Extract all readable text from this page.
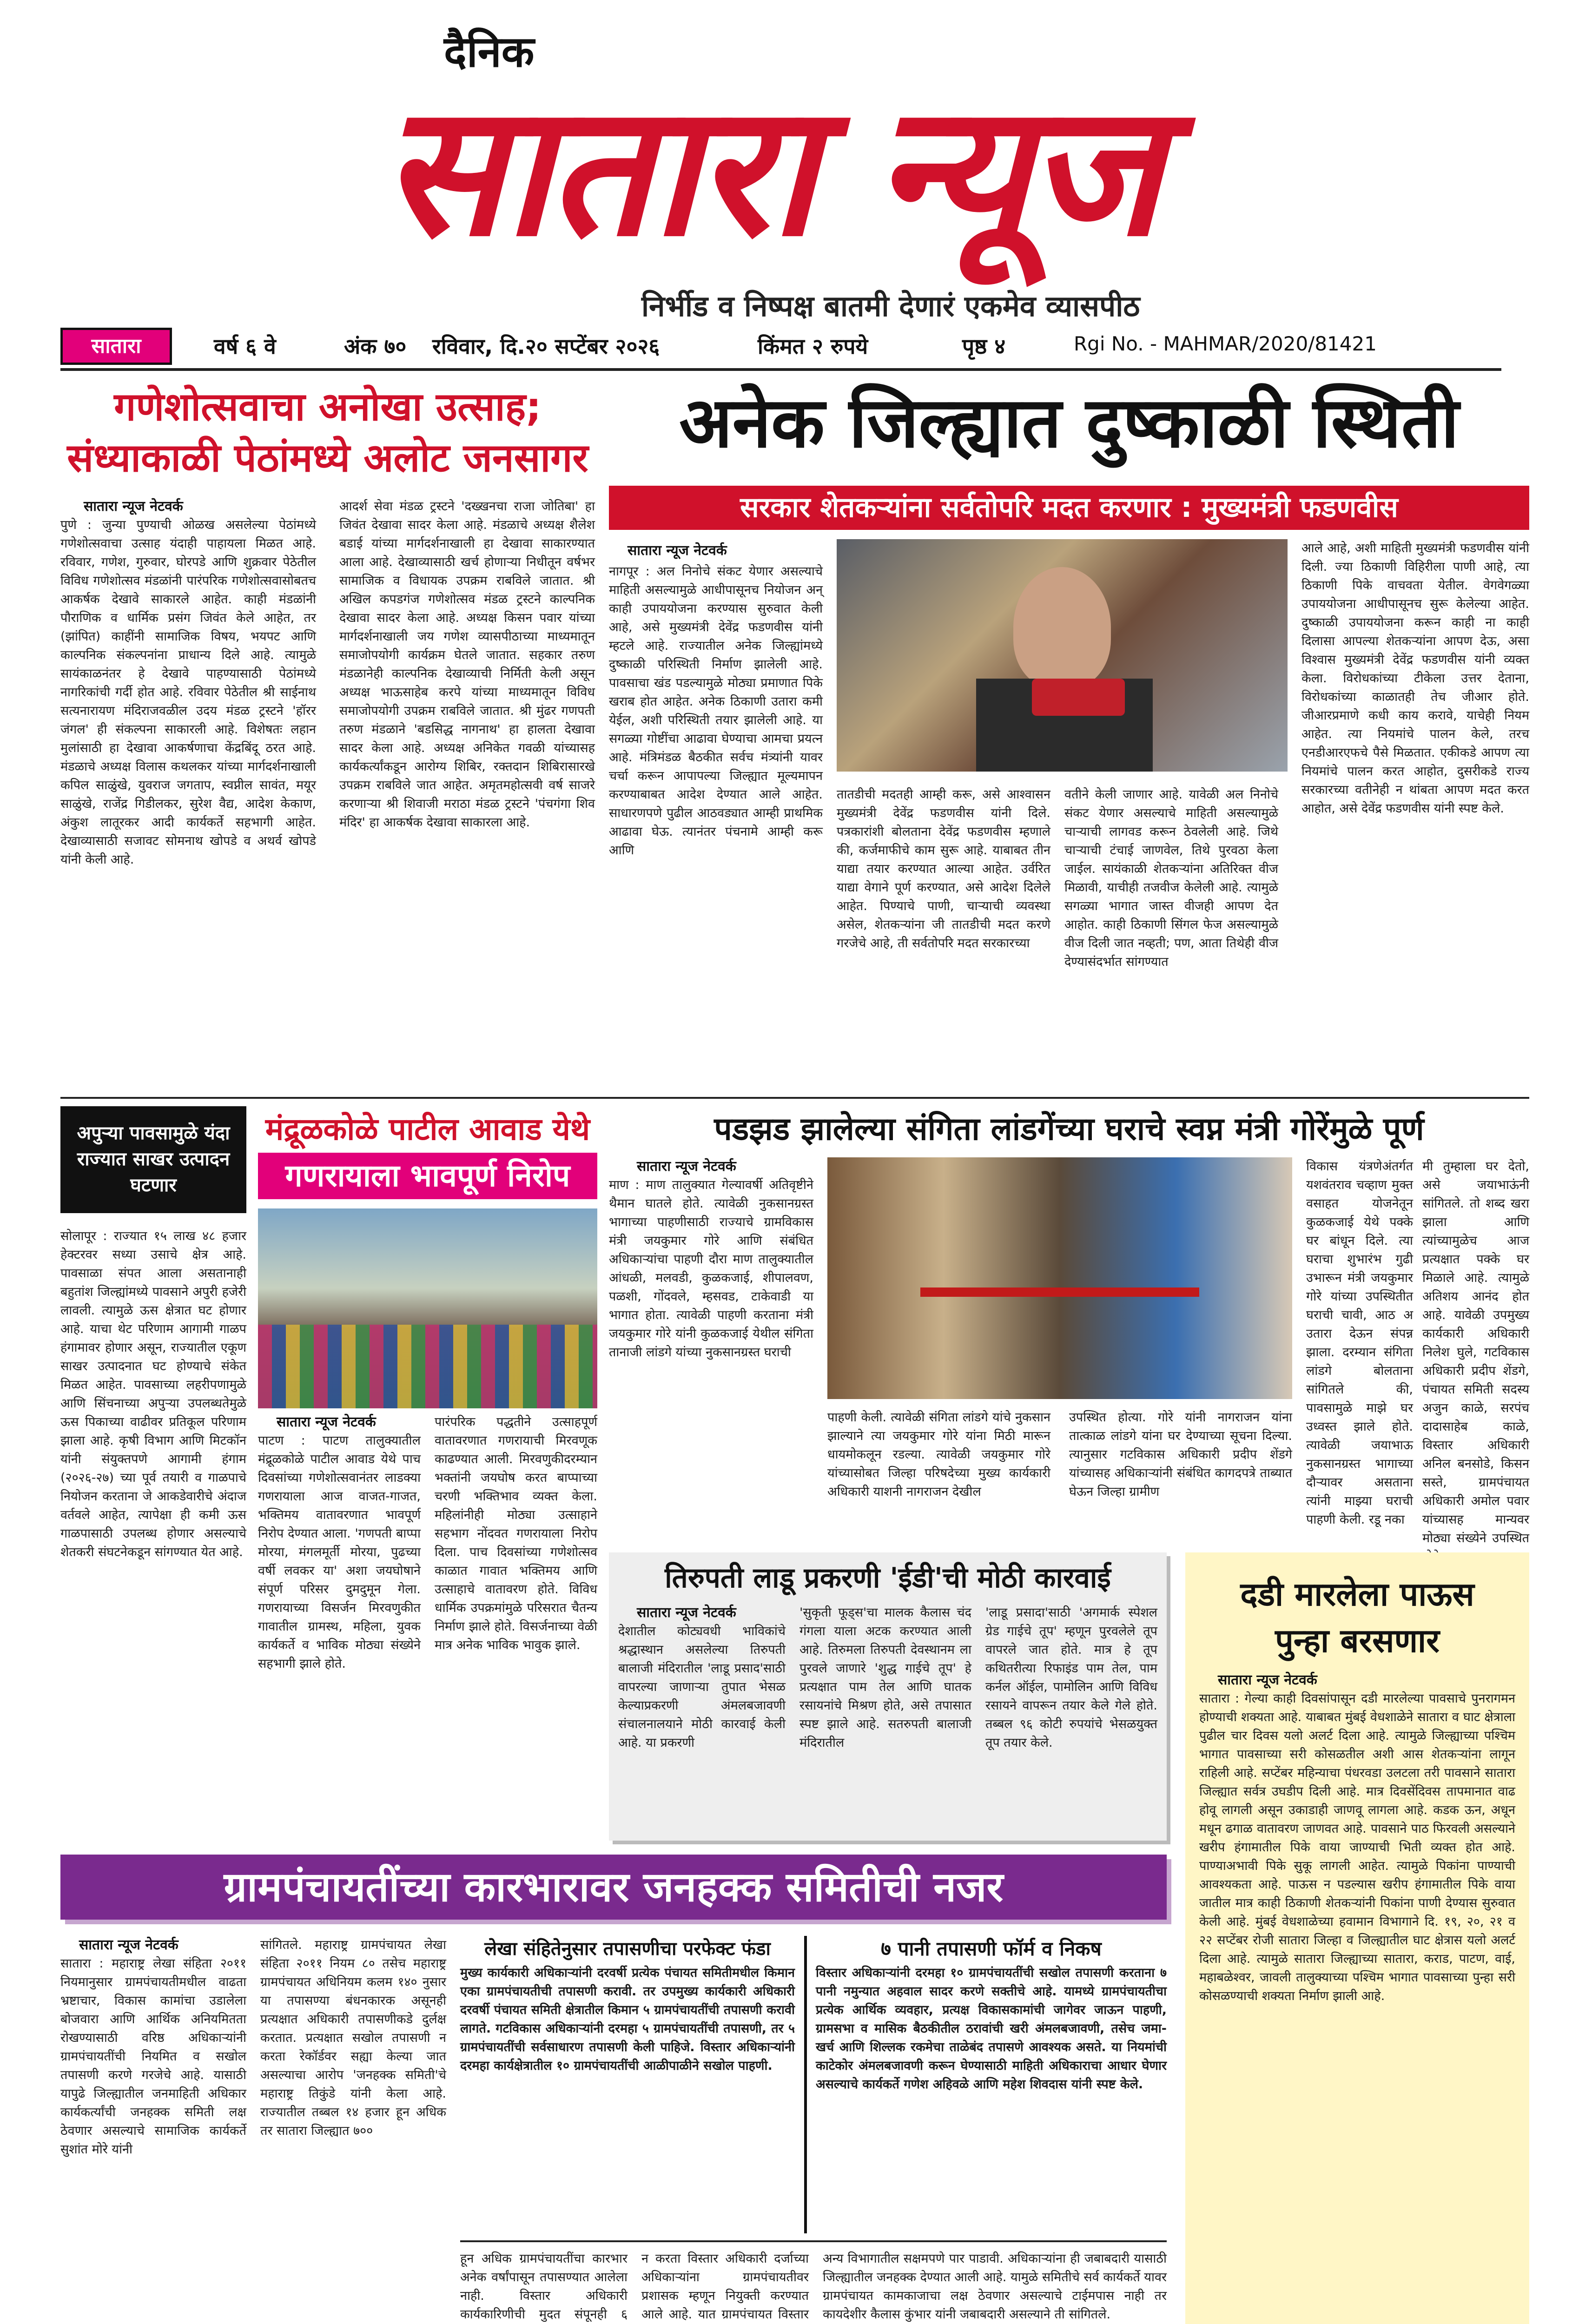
दैनिक
सातारा न्यूज
निर्भीड व निष्पक्ष बातमी देणारं एकमेव व्यासपीठ
सातारा	वर्ष ६ वे	अंक ७० रविवार, दि.२० सप्टेंबर २०२६	किंमत २ रुपये	पृष्ठ ४	Rgi No. - MAHMAR/2020/81421
गणेशोत्सवाचा अनोखा उत्साह;
संध्याकाळी पेठांमध्ये अलोट जनसागर
सातारा न्यूज नेटवर्क
पुणे : जुन्या पुण्याची ओळख असलेल्या पेठांमध्ये गणेशोत्सवाचा उत्साह यंदाही पाहायला मिळत आहे. रविवार, गणेश, गुरुवार, घोरपडे आणि शुक्रवार पेठेतील विविध गणेशोत्सव मंडळांनी पारंपरिक गणेशोत्सवासोबतच आकर्षक देखावे साकारले आहेत. काही मंडळांनी पौराणिक व धार्मिक प्रसंग जिवंत केले आहेत, तर (झांपित) काहींनी सामाजिक विषय, भयपट आणि काल्पनिक संकल्पनांना प्राधान्य दिले आहे. त्यामुळे सायंकाळनंतर हे देखावे पाहण्यासाठी पेठांमध्ये नागरिकांची गर्दी होत आहे. रविवार पेठेतील श्री साईनाथ सत्यनारायण मंदिराजवळील उदय मंडळ ट्रस्टने 'हॉरर जंगल' ही संकल्पना साकारली आहे. विशेषतः लहान मुलांसाठी हा देखावा आकर्षणाचा केंद्रबिंदू ठरत आहे. मंडळाचे अध्यक्ष विलास कथलकर यांच्या मार्गदर्शनाखाली कपिल साळुंखे, युवराज जगताप, स्वप्नील सावंत, मयूर साळुंखे, राजेंद्र गिडीलकर, सुरेश वैद्य, आदेश केकाण, अंकुश लातूरकर आदी कार्यकर्ते सहभागी आहेत. देखाव्यासाठी सजावट सोमनाथ खोपडे व अथर्व खोपडे यांनी केली आहे.
आदर्श सेवा मंडळ ट्रस्टने 'दख्खनचा राजा जोतिबा' हा जिवंत देखावा सादर केला आहे. मंडळाचे अध्यक्ष शैलेश बडाई यांच्या मार्गदर्शनाखाली हा देखावा साकारण्यात आला आहे. देखाव्यासाठी खर्च होणाऱ्या निधीतून वर्षभर सामाजिक व विधायक उपक्रम राबविले जातात. श्री अखिल कपडगंज गणेशोत्सव मंडळ ट्रस्टने काल्पनिक देखावा सादर केला आहे. अध्यक्ष किसन पवार यांच्या मार्गदर्शनाखाली जय गणेश व्यासपीठाच्या माध्यमातून समाजोपयोगी कार्यक्रम घेतले जातात. सहकार तरुण मंडळानेही काल्पनिक देखाव्याची निर्मिती केली असून अध्यक्ष भाऊसाहेब करपे यांच्या माध्यमातून विविध समाजोपयोगी उपक्रम राबविले जातात. श्री मुंढर गणपती तरुण मंडळाने 'बडसिद्ध नागनाथ' हा हालता देखावा सादर केला आहे. अध्यक्ष अनिकेत गवळी यांच्यासह कार्यकर्त्यांकडून आरोग्य शिबिर, रक्तदान शिबिरासारखे उपक्रम राबविले जात आहेत. अमृतमहोत्सवी वर्ष साजरे करणाऱ्या श्री शिवाजी मराठा मंडळ ट्रस्टने 'पंचगंगा शिव मंदिर' हा आकर्षक देखावा साकारला आहे.
अनेक जिल्ह्यात दुष्काळी स्थिती
सरकार शेतकऱ्यांना सर्वतोपरि मदत करणार : मुख्यमंत्री फडणवीस
सातारा न्यूज नेटवर्क
नागपूर : अल निनोचे संकट येणार असल्याचे माहिती असल्यामुळे आधीपासूनच नियोजन अन् काही उपाययोजना करण्यास सुरुवात केली आहे, असे मुख्यमंत्री देवेंद्र फडणवीस यांनी म्हटले आहे. राज्यातील अनेक जिल्ह्यांमध्ये दुष्काळी परिस्थिती निर्माण झालेली आहे. पावसाचा खंड पडल्यामुळे मोठ्या प्रमाणात पिके खराब होत आहेत. अनेक ठिकाणी उतारा कमी येईल, अशी परिस्थिती तयार झालेली आहे. या सगळ्या गोष्टींचा आढावा घेण्याचा आमचा प्रयत्न आहे. मंत्रिमंडळ बैठकीत सर्वच मंत्र्यांनी यावर चर्चा करून आपापल्या जिल्ह्यात मूल्यमापन करण्याबाबत आदेश देण्यात आले आहेत. साधारणपणे पुढील आठवड्यात आम्ही प्राथमिक आढावा घेऊ. त्यानंतर पंचनामे आम्ही करू आणि
तातडीची मदतही आम्ही करू, असे आश्वासन मुख्यमंत्री देवेंद्र फडणवीस यांनी दिले. पत्रकारांशी बोलताना देवेंद्र फडणवीस म्हणाले की, कर्जमाफीचे काम सुरू आहे. याबाबत तीन याद्या तयार करण्यात आल्या आहेत. उर्वरित याद्या वेगाने पूर्ण करण्यात, असे आदेश दिलेले आहेत. पिण्याचे पाणी, चाऱ्याची व्यवस्था असेल, शेतकऱ्यांना जी तातडीची मदत करणे गरजेचे आहे, ती सर्वतोपरि मदत सरकारच्या
वतीने केली जाणार आहे. यावेळी अल निनोचे संकट येणार असल्याचे माहिती असल्यामुळे चाऱ्याची लागवड करून ठेवलेली आहे. जिथे चाऱ्याची टंचाई जाणवेल, तिथे पुरवठा केला जाईल. सायंकाळी शेतकऱ्यांना अतिरिक्त वीज मिळावी, याचीही तजवीज केलेली आहे. त्यामुळे सगळ्या भागात जास्त वीजही आपण देत आहोत. काही ठिकाणी सिंगल फेज असल्यामुळे वीज दिली जात नव्हती; पण, आता तिथेही वीज देण्यासंदर्भात सांगण्यात
आले आहे, अशी माहिती मुख्यमंत्री फडणवीस यांनी दिली. ज्या ठिकाणी विहिरीला पाणी आहे, त्या ठिकाणी पिके वाचवता येतील. वेगवेगळ्या उपाययोजना आधीपासूनच सुरू केलेल्या आहेत. दुष्काळी उपाययोजना करून काही ना काही दिलासा आपल्या शेतकऱ्यांना आपण देऊ, असा विश्वास मुख्यमंत्री देवेंद्र फडणवीस यांनी व्यक्त केला. विरोधकांच्या टीकेला उत्तर देताना, विरोधकांच्या काळातही तेच जीआर होते. जीआरप्रमाणे कधी काय करावे, याचेही नियम आहेत. त्या नियमांचे पालन केले, तरच एनडीआरएफचे पैसे मिळतात. एकीकडे आपण त्या नियमांचे पालन करत आहोत, दुसरीकडे राज्य सरकारच्या वतीनेही न थांबता आपण मदत करत आहोत, असे देवेंद्र फडणवीस यांनी स्पष्ट केले.
अपुऱ्या पावसामुळे यंदा राज्यात साखर उत्पादन घटणार
सोलापूर : राज्यात १५ लाख ४८ हजार हेक्टरवर सध्या उसाचे क्षेत्र आहे. पावसाळा संपत आला असतानाही बहुतांश जिल्ह्यांमध्ये पावसाने अपुरी हजेरी लावली. त्यामुळे ऊस क्षेत्रात घट होणार आहे. याचा थेट परिणाम आगामी गाळप हंगामावर होणार असून, राज्यातील एकूण साखर उत्पादनात घट होण्याचे संकेत मिळत आहेत. पावसाच्या लहरीपणामुळे आणि सिंचनाच्या अपुऱ्या उपलब्धतेमुळे ऊस पिकाच्या वाढीवर प्रतिकूल परिणाम झाला आहे. कृषी विभाग आणि मिटकॉन यांनी संयुक्तपणे आगामी हंगाम (२०२६-२७) च्या पूर्व तयारी व गाळपाचे नियोजन करताना जे आकडेवारीचे अंदाज वर्तवले आहेत, त्यापेक्षा ही कमी ऊस गाळपासाठी उपलब्ध होणार असल्याचे शेतकरी संघटनेकडून सांगण्यात येत आहे.
मंद्रूळकोळे पाटील आवाड येथे
गणरायाला भावपूर्ण निरोप
सातारा न्यूज नेटवर्क
पाटण : पाटण तालुक्यातील मंद्रूळकोळे पाटील आवाड येथे पाच दिवसांच्या गणेशोत्सवानंतर लाडक्या गणरायाला आज वाजत-गाजत, भक्तिमय वातावरणात भावपूर्ण निरोप देण्यात आला. 'गणपती बाप्पा मोरया, मंगलमूर्ती मोरया, पुढच्या वर्षी लवकर या' अशा जयघोषाने संपूर्ण परिसर दुमदुमून गेला. गणरायाच्या विसर्जन मिरवणुकीत गावातील ग्रामस्थ, महिला, युवक कार्यकर्ते व भाविक मोठ्या संख्येने सहभागी झाले होते.
पारंपरिक पद्धतीने उत्साहपूर्ण वातावरणात गणरायाची मिरवणूक काढण्यात आली. मिरवणुकीदरम्यान भक्तांनी जयघोष करत बाप्पाच्या चरणी भक्तिभाव व्यक्त केला. महिलांनीही मोठ्या उत्साहाने सहभाग नोंदवत गणरायाला निरोप दिला. पाच दिवसांच्या गणेशोत्सव काळात गावात भक्तिमय आणि उत्साहाचे वातावरण होते. विविध धार्मिक उपक्रमांमुळे परिसरात चैतन्य निर्माण झाले होते. विसर्जनाच्या वेळी मात्र अनेक भाविक भावुक झाले.
पडझड झालेल्या संगिता लांडगेंच्या घराचे स्वप्न मंत्री गोरेंमुळे पूर्ण
सातारा न्यूज नेटवर्क
माण : माण तालुक्यात गेल्यावर्षी अतिवृष्टीने थैमान घातले होते. त्यावेळी नुकसानग्रस्त भागाच्या पाहणीसाठी राज्याचे ग्रामविकास मंत्री जयकुमार गोरे आणि संबंधित अधिकाऱ्यांचा पाहणी दौरा माण तालुक्यातील आंधळी, मलवडी, कुळकजाई, शीपालवण, पळशी, गोंदवले, म्हसवड, टाकेवाडी या भागात होता. त्यावेळी पाहणी करताना मंत्री जयकुमार गोरे यांनी कुळकजाई येथील संगिता तानाजी लांडगे यांच्या नुकसानग्रस्त घराची
पाहणी केली. त्यावेळी संगिता लांडगे यांचे नुकसान झाल्याने त्या जयकुमार गोरे यांना मिठी मारून धायमोकलून रडल्या. त्यावेळी जयकुमार गोरे यांच्यासोबत जिल्हा परिषदेच्या मुख्य कार्यकारी अधिकारी याशनी नागराजन देखील
उपस्थित होत्या. गोरे यांनी नागराजन यांना तात्काळ लांडगे यांना घर देण्याच्या सूचना दिल्या. त्यानुसार गटविकास अधिकारी प्रदीप शेंडगे यांच्यासह अधिकाऱ्यांनी संबंधित कागदपत्रे ताब्यात घेऊन जिल्हा ग्रामीण
विकास यंत्रणेअंतर्गत यशवंतराव चव्हाण मुक्त वसाहत योजनेतून कुळकजाई येथे पक्के घर बांधून दिले. त्या घराचा शुभारंभ गुढी उभारून मंत्री जयकुमार गोरे यांच्या उपस्थितीत घराची चावी, आठ अ उतारा देऊन संपन्न झाला. दरम्यान संगिता लांडगे बोलताना सांगितले की, पावसामुळे माझे घर उध्वस्त झाले होते. त्यावेळी जयाभाऊ नुकसानग्रस्त भागाच्या दौऱ्यावर असताना त्यांनी माझ्या घराची पाहणी केली. रडू नका
मी तुम्हाला घर देतो, असे जयाभाऊंनी सांगितले. तो शब्द खरा झाला आणि त्यांच्यामुळेच आज प्रत्यक्षात पक्के घर मिळाले आहे. त्यामुळे अतिशय आनंद होत आहे. यावेळी उपमुख्य कार्यकारी अधिकारी निलेश घुले, गटविकास अधिकारी प्रदीप शेंडगे, पंचायत समिती सदस्य अजुन काळे, सरपंच दादासाहेब काळे, विस्तार अधिकारी अनिल बनसोडे, किसन सस्ते, ग्रामपंचायत अधिकारी अमोल पवार यांच्यासह मान्यवर मोठ्या संख्येने उपस्थित
तिरुपती लाडू प्रकरणी 'ईडी'ची मोठी कारवाई
सातारा न्यूज नेटवर्क
देशातील कोट्यवधी भाविकांचे श्रद्धास्थान असलेल्या तिरुपती बालाजी मंदिरातील 'लाडू प्रसाद'साठी वापरल्या जाणाऱ्या तुपात भेसळ केल्याप्रकरणी अंमलबजावणी संचालनालयाने मोठी कारवाई केली आहे. या प्रकरणी
'सुकृती फूड्स'चा मालक कैलास चंद गंगला याला अटक करण्यात आली आहे. तिरुमला तिरुपती देवस्थानम ला पुरवले जाणारे 'शुद्ध गाईचे तूप' हे प्रत्यक्षात पाम तेल आणि घातक रसायनांचे मिश्रण होते, असे तपासात स्पष्ट झाले आहे. सतरुपती बालाजी मंदिरातील
'लाडू प्रसादा'साठी 'अगमार्क स्पेशल ग्रेड गाईचे तूप' म्हणून पुरवलेले तूप वापरले जात होते. मात्र हे तूप कथितरीत्या रिफाइंड पाम तेल, पाम कर्नल ऑईल, पामोलिन आणि विविध रसायने वापरून तयार केले गेले होते. तब्बल ९६ कोटी रुपयांचे भेसळयुक्त तूप तयार केले.
दडी मारलेला पाऊस
पुन्हा बरसणार
सातारा न्यूज नेटवर्क
सातारा : गेल्या काही दिवसांपासून दडी मारलेल्या पावसाचे पुनरागमन होण्याची शक्यता आहे. याबाबत मुंबई वेधशाळेने सातारा व घाट क्षेत्राला पुढील चार दिवस यलो अलर्ट दिला आहे. त्यामुळे जिल्ह्याच्या पश्चिम भागात पावसाच्या सरी कोसळतील अशी आस शेतकऱ्यांना लागून राहिली आहे. सप्टेंबर महिन्याचा पंधरवडा उलटला तरी पावसाने सातारा जिल्ह्यात सर्वत्र उघडीप दिली आहे. मात्र दिवसेंदिवस तापमानात वाढ होवू लागली असून उकाडाही जाणवू लागला आहे. कडक ऊन, अधून मधून ढगाळ वातावरण जाणवत आहे. पावसाने पाठ फिरवली असल्याने खरीप हंगामातील पिके वाया जाण्याची भिती व्यक्त होत आहे. पाण्याअभावी पिके सुकू लागली आहेत. त्यामुळे पिकांना पाण्याची आवश्यकता आहे. पाऊस न पडल्यास खरीप हंगामातील पिके वाया जातील मात्र काही ठिकाणी शेतकऱ्यांनी पिकांना पाणी देण्यास सुरुवात केली आहे. मुंबई वेधशाळेच्या हवामान विभागाने दि. १९, २०, २१ व २२ सप्टेंबर रोजी सातारा जिल्हा व जिल्ह्यातील घाट क्षेत्रास यलो अलर्ट दिला आहे. त्यामुळे सातारा जिल्ह्याच्या सातारा, कराड, पाटण, वाई, महाबळेश्वर, जावली तालुक्याच्या पश्चिम भागात पावसाच्या पुन्हा सरी कोसळण्याची शक्यता निर्माण झाली आहे.
ग्रामपंचायतींच्या कारभारावर जनहक्क समितीची नजर
सातारा न्यूज नेटवर्क
सातारा : महाराष्ट्र लेखा संहिता २०११ नियमानुसार ग्रामपंचायतीमधील वाढता भ्रष्टाचार, विकास कामांचा उडालेला बोजवारा आणि आर्थिक अनियमितता रोखण्यासाठी वरिष्ठ अधिकाऱ्यांनी ग्रामपंचायतींची नियमित व सखोल तपासणी करणे गरजेचे आहे. यासाठी यापुढे जिल्ह्यातील जनमाहिती अधिकार कार्यकर्त्यांची जनहक्क समिती लक्ष ठेवणार असल्याचे सामाजिक कार्यकर्ते सुशांत मोरे यांनी
सांगितले. महाराष्ट्र ग्रामपंचायत लेखा संहिता २०११ नियम ८० तसेच महाराष्ट्र ग्रामपंचायत अधिनियम कलम १४० नुसार या तपासण्या बंधनकारक असूनही प्रत्यक्षात अधिकारी तपासणीकडे दुर्लक्ष करतात. प्रत्यक्षात सखोल तपासणी न करता रेकॉर्डवर सह्या केल्या जात असल्याचा आरोप 'जनहक्क समिती'चे महाराष्ट्र तिकुंडे यांनी केला आहे. राज्यातील तब्बल १४ हजार हून अधिक तर सातारा जिल्ह्यात ७००
लेखा संहितेनुसार तपासणीचा परफेक्ट फंडा
मुख्य कार्यकारी अधिकाऱ्यांनी दरवर्षी प्रत्येक पंचायत समितीमधील किमान एका ग्रामपंचायतीची तपासणी करावी. तर उपमुख्य कार्यकारी अधिकारी दरवर्षी पंचायत समिती क्षेत्रातील किमान ५ ग्रामपंचायतींची तपासणी करावी लागते. गटविकास अधिकाऱ्यांनी दरमहा ५ ग्रामपंचायतींची तपासणी, तर ५ ग्रामपंचायतींची सर्वसाधारण तपासणी केली पाहिजे. विस्तार अधिकाऱ्यांनी दरमहा कार्यक्षेत्रातील १० ग्रामपंचायतींची आळीपाळीने सखोल पाहणी.
७ पानी तपासणी फॉर्म व निकष
विस्तार अधिकाऱ्यांनी दरमहा १० ग्रामपंचायतींची सखोल तपासणी करताना ७ पानी नमुन्यात अहवाल सादर करणे सक्तीचे आहे. यामध्ये ग्रामपंचायतीचा प्रत्येक आर्थिक व्यवहार, प्रत्यक्ष विकासकामांची जागेवर जाऊन पाहणी, ग्रामसभा व मासिक बैठकीतील ठरावांची खरी अंमलबजावणी, तसेच जमा-खर्च आणि शिल्लक रकमेचा ताळेबंद तपासणे आवश्यक असते. या नियमांची काटेकोर अंमलबजावणी करून घेण्यासाठी माहिती अधिकाराचा आधार घेणार असल्याचे कार्यकर्ते गणेश अहिवळे आणि महेश शिवदास यांनी स्पष्ट केले.
हून अधिक ग्रामपंचायतींचा कारभार अनेक वर्षांपासून तपासण्यात आलेला नाही. विस्तार अधिकारी कार्यकारिणीची मुदत संपूनही ६
न करता विस्तार अधिकारी दर्जाच्या अधिकाऱ्यांना ग्रामपंचायतीवर प्रशासक म्हणून नियुक्ती करण्यात आले आहे. यात ग्रामपंचायत विस्तार
अन्य विभागातील सक्षमपणे पार पाडावी. अधिकाऱ्यांना ही जबाबदारी यासाठी जिल्ह्यातील जनहक्क देण्यात आली आहे. यामुळे समितीचे सर्व कार्यकर्ते यावर ग्रामपंचायत कामकाजाचा लक्ष ठेवणार असल्याचे टाईमपास नाही तर कायदेशीर कैलास कुंभार यांनी जबाबदारी असल्याने ती सांगितले.
